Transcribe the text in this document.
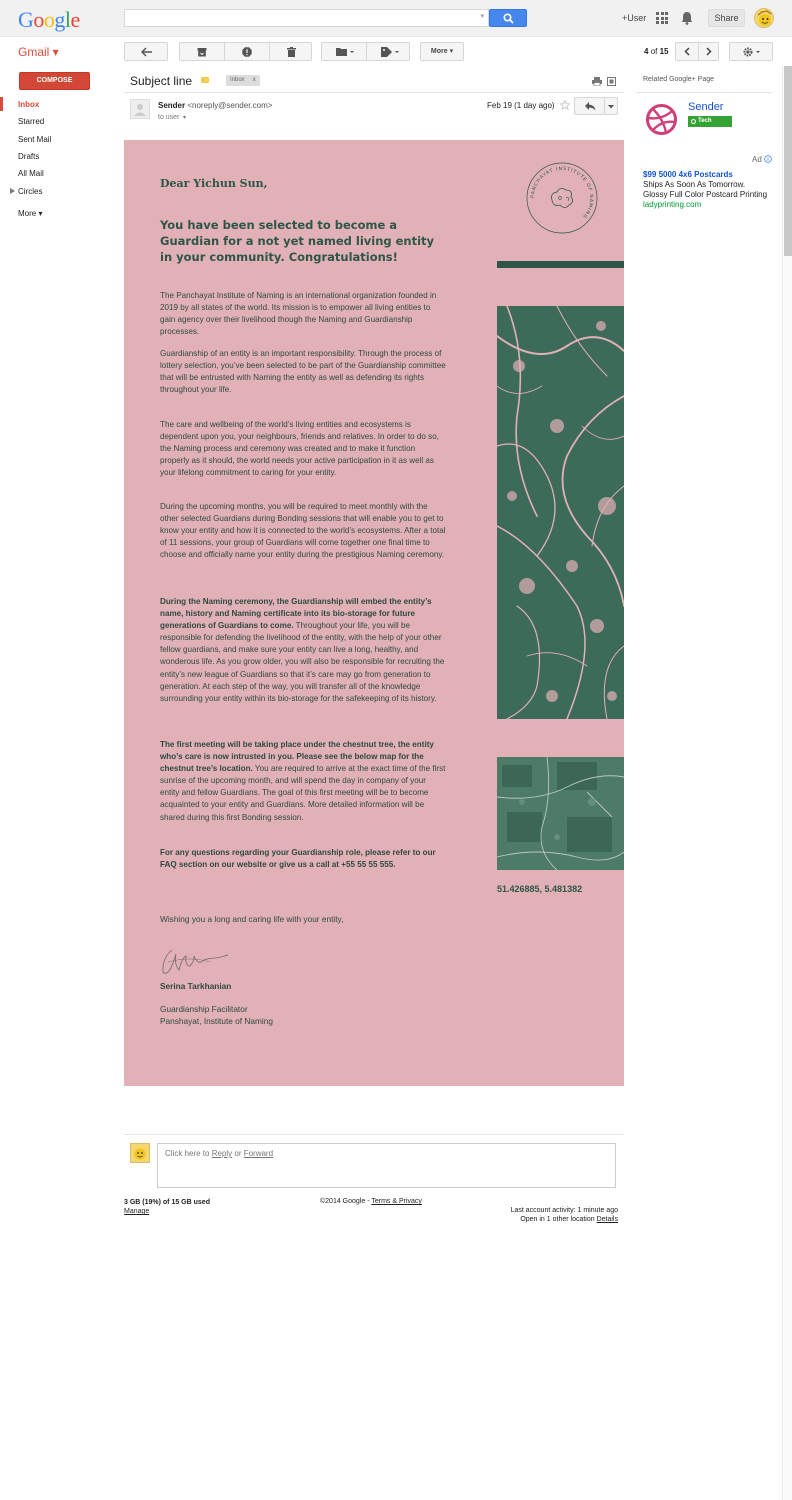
Google	▾	+User	Share
Gmail ▾	More ▾	4 of 15
COMPOSE
Inbox
Starred
Sent Mail
Drafts
All Mail
Circles
More ▾
Subject line	Inbox x
Sender <noreply@sender.com>
to user  ▾
Feb 19 (1 day ago)
Dear Yichun Sun,
You have been selected to become a Guardian for a not yet named living entity in your community. Congratulations!
The Panchayat Institute of Naming is an international organization founded in 2019 by all states of the world. Its mission is to empower all living entities to gain agency over their livelihood though the Naming and Guardianship processes.
Guardianship of an entity is an important responsibility. Through the process of lottery selection, you’ve been selected to be part of the Guardianship committee that will be entrusted with Naming the entity as well as defending its rights throughout your life.
The care and wellbeing of the world’s living entities and ecosystems is dependent upon you, your neighbours, friends and relatives. In order to do so, the Naming process and ceremony was created and to make it function properly as it should, the world needs your active participation in it as well as your lifelong commitment to caring for your entity.
During the upcoming months, you will be required to meet monthly with the other selected Guardians during Bonding sessions that will enable you to get to know your entity and how it is connected to the world’s ecosystems. After a total of 11 sessions, your group of Guardians will come together one final time to choose and officially name your entity during the prestigious Naming ceremony.
During the Naming ceremony, the Guardianship will embed the entity’s name, history and Naming certificate into its bio-storage for future generations of Guardians to come. Throughout your life, you will be responsible for defending the livelihood of the entity, with the help of your other fellow guardians, and make sure your entity can live a long, healthy, and wonderous life. As you grow older, you will also be responsible for recruiting the entity’s new league of Guardians so that it’s care may go from generation to generation. At each step of the way, you will transfer all of the knowledge surrounding your entity within its bio-storage for the safekeeping of its history.
The first meeting will be taking place under the chestnut tree, the entity who’s care is now intrusted in you. Please see the below map for the chestnut tree’s location. You are required to arrive at the exact time of the first sunrise of the upcoming month, and will spend the day in company of your entity and fellow Guardians. The goal of this first meeting will be to become acquainted to your entity and Guardians. More detailed information will be shared during this first Bonding session.
For any questions regarding your Guardianship role, please refer to our FAQ section on our website or give us a call at +55 55 55 555.
Wishing you a long and caring life with your entity,
Serina Tarkhanian
Guardianship Facilitator
Panshayat, Institute of Naming
PANCHAYAT INSTITUTE OF NAMING
51.426885, 5.481382
Click here to Reply or Forward
3 GB (19%) of 15 GB used
Manage
©2014 Google - Terms & Privacy
Last account activity: 1 minute ago
Open in 1 other location Details
Related Google+ Page
Sender
Tech
Ad
$99 5000 4x6 Postcards
Ships As Soon As Tomorrow.
Glossy Full Color Postcard Printing
ladyprinting.com
